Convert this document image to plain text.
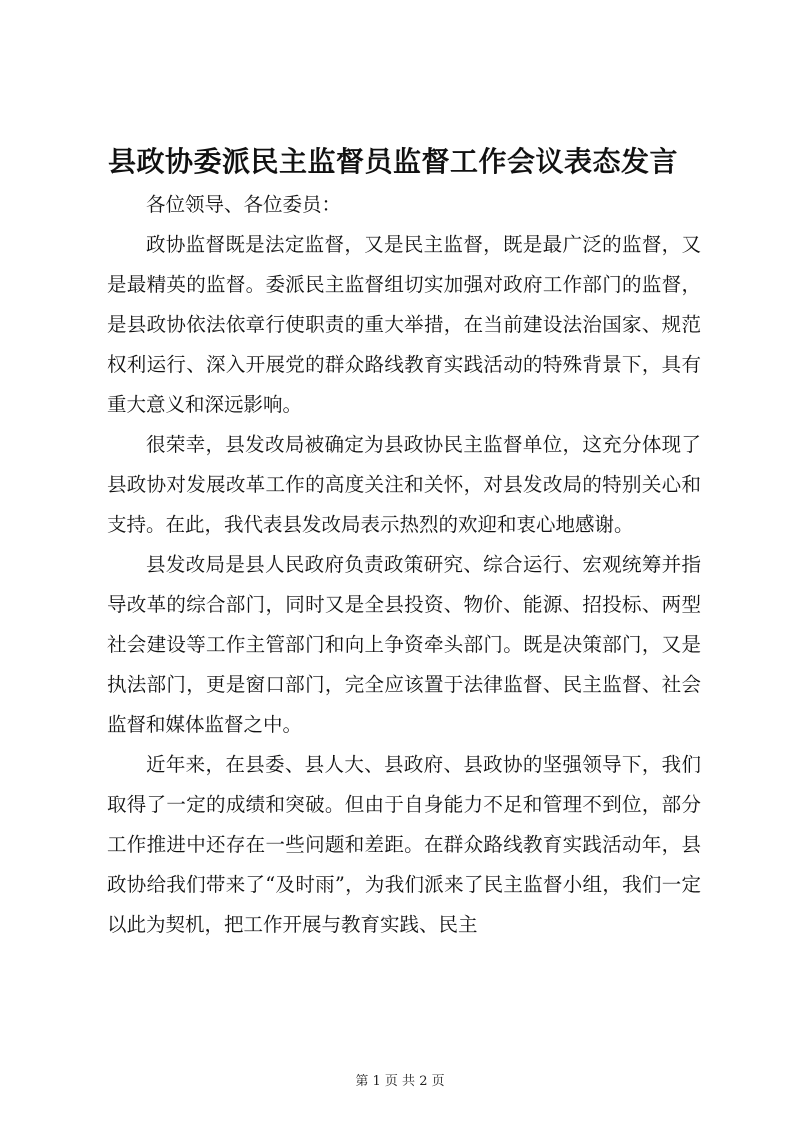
县政协委派民主监督员监督工作会议表态发言

各位领导、各位委员：

政协监督既是法定监督，又是民主监督，既是最广泛的监督，又是最精英的监督。委派民主监督组切实加强对政府工作部门的监督，是县政协依法依章行使职责的重大举措，在当前建设法治国家、规范权利运行、深入开展党的群众路线教育实践活动的特殊背景下，具有重大意义和深远影响。

很荣幸，县发改局被确定为县政协民主监督单位，这充分体现了县政协对发展改革工作的高度关注和关怀，对县发改局的特别关心和支持。在此，我代表县发改局表示热烈的欢迎和衷心地感谢。

县发改局是县人民政府负责政策研究、综合运行、宏观统筹并指导改革的综合部门，同时又是全县投资、物价、能源、招投标、两型社会建设等工作主管部门和向上争资牵头部门。既是决策部门，又是执法部门，更是窗口部门，完全应该置于法律监督、民主监督、社会监督和媒体监督之中。

近年来，在县委、县人大、县政府、县政协的坚强领导下，我们取得了一定的成绩和突破。但由于自身能力不足和管理不到位，部分工作推进中还存在一些问题和差距。在群众路线教育实践活动年，县政协给我们带来了“及时雨”，为我们派来了民主监督小组，我们一定以此为契机，把工作开展与教育实践、民主

第 1 页 共 2 页
